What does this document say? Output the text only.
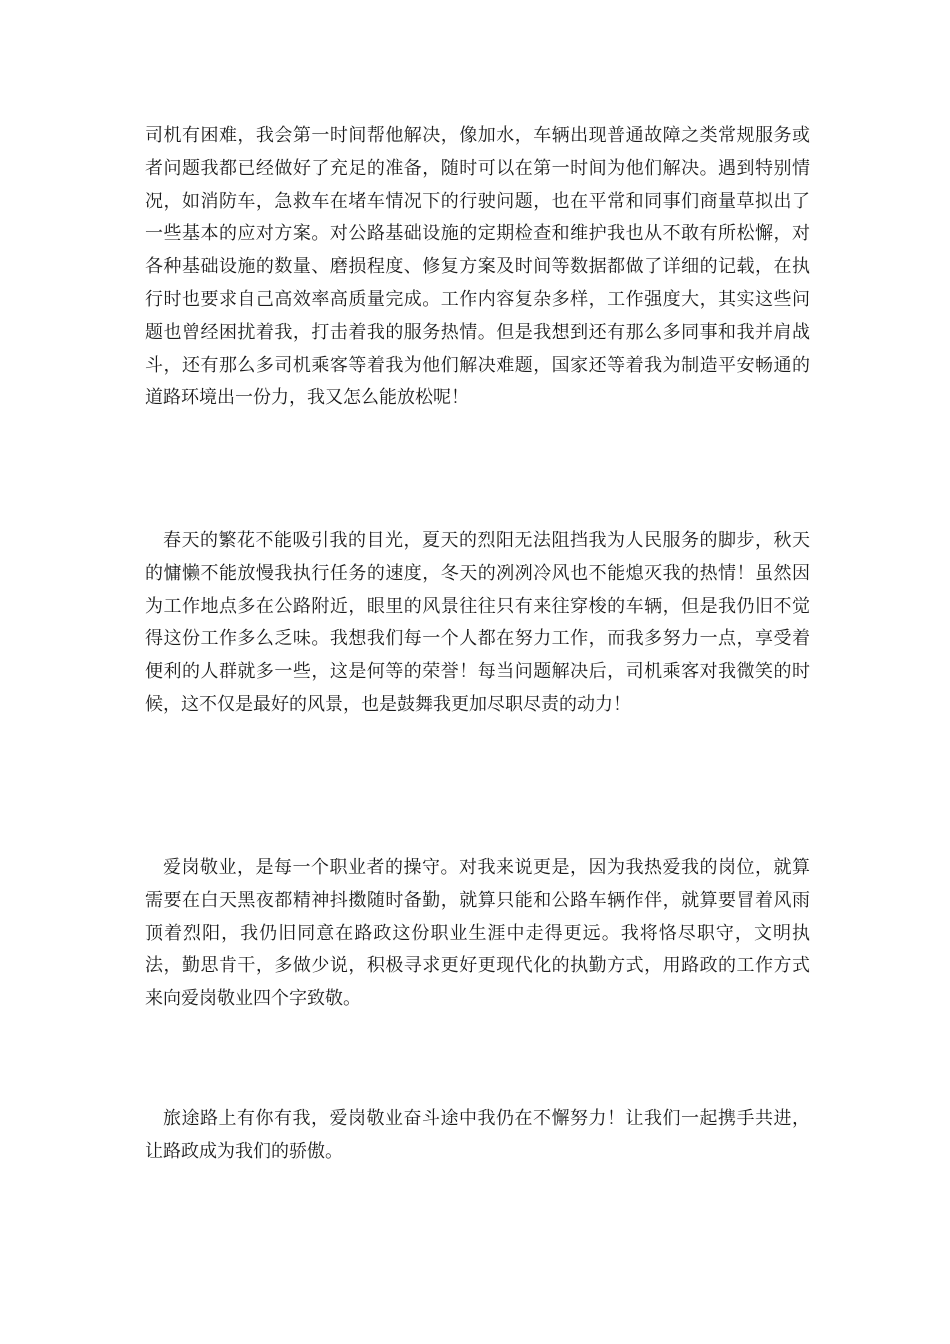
司机有困难，我会第一时间帮他解决，像加水，车辆出现普通故障之类常规服务或者问题我都已经做好了充足的准备，随时可以在第一时间为他们解决。遇到特别情况，如消防车，急救车在堵车情况下的行驶问题，也在平常和同事们商量草拟出了一些基本的应对方案。对公路基础设施的定期检查和维护我也从不敢有所松懈，对各种基础设施的数量、磨损程度、修复方案及时间等数据都做了详细的记载，在执行时也要求自己高效率高质量完成。工作内容复杂多样，工作强度大，其实这些问题也曾经困扰着我，打击着我的服务热情。但是我想到还有那么多同事和我并肩战斗，还有那么多司机乘客等着我为他们解决难题，国家还等着我为制造平安畅通的道路环境出一份力，我又怎么能放松呢！

春天的繁花不能吸引我的目光，夏天的烈阳无法阻挡我为人民服务的脚步，秋天的慵懒不能放慢我执行任务的速度，冬天的冽冽冷风也不能熄灭我的热情！虽然因为工作地点多在公路附近，眼里的风景往往只有来往穿梭的车辆，但是我仍旧不觉得这份工作多么乏味。我想我们每一个人都在努力工作，而我多努力一点，享受着便利的人群就多一些，这是何等的荣誉！每当问题解决后，司机乘客对我微笑的时候，这不仅是最好的风景，也是鼓舞我更加尽职尽责的动力！

爱岗敬业，是每一个职业者的操守。对我来说更是，因为我热爱我的岗位，就算需要在白天黑夜都精神抖擞随时备勤，就算只能和公路车辆作伴，就算要冒着风雨顶着烈阳，我仍旧同意在路政这份职业生涯中走得更远。我将恪尽职守，文明执法，勤思肯干，多做少说，积极寻求更好更现代化的执勤方式，用路政的工作方式来向爱岗敬业四个字致敬。

旅途路上有你有我，爱岗敬业奋斗途中我仍在不懈努力！让我们一起携手共进，让路政成为我们的骄傲。
